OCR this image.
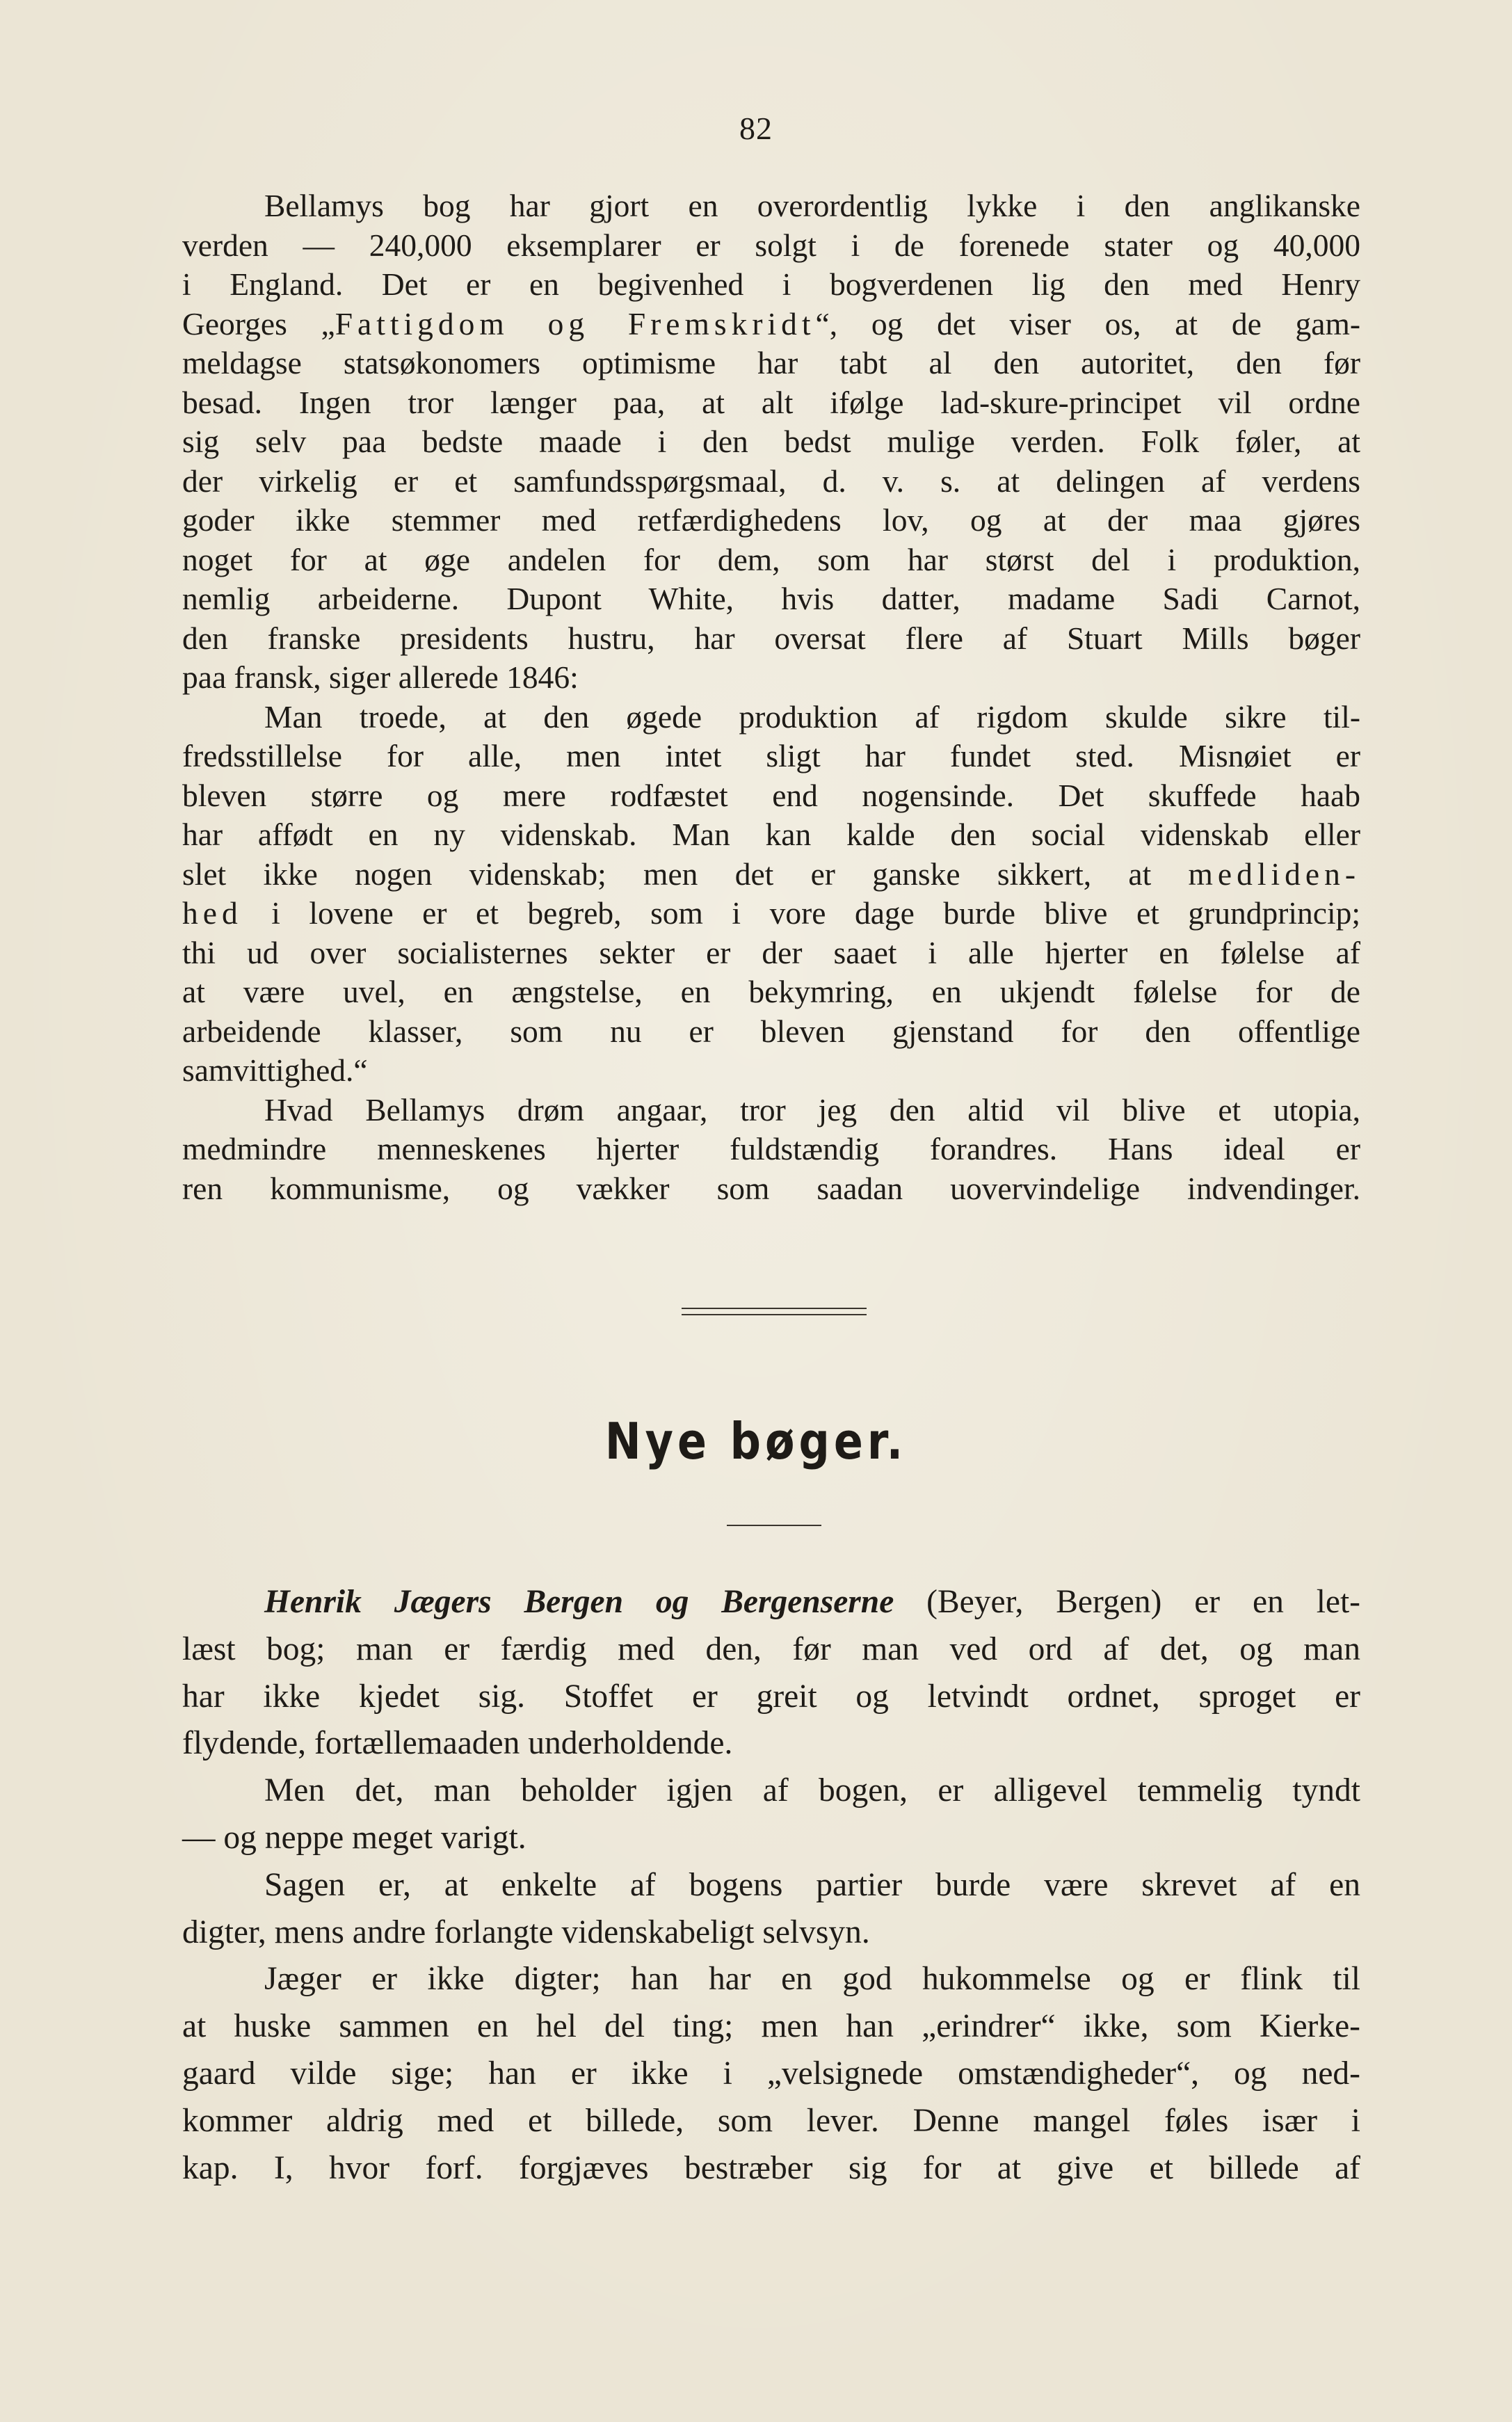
82
Bellamys bog har gjort en overordentlig lykke i den anglikanske
verden — 240,000 eksemplarer er solgt i de forenede stater og 40,000
i England. Det er en begivenhed i bogverdenen lig den med Henry
Georges „Fattigdom og Fremskridt“, og det viser os, at de gam-
meldagse statsøkonomers optimisme har tabt al den autoritet, den før
besad. Ingen tror længer paa, at alt ifølge lad-skure-principet vil ordne
sig selv paa bedste maade i den bedst mulige verden. Folk føler, at
der virkelig er et samfundsspørgsmaal, d. v. s. at delingen af verdens
goder ikke stemmer med retfærdighedens lov, og at der maa gjøres
noget for at øge andelen for dem, som har størst del i produktion,
nemlig arbeiderne. Dupont White, hvis datter, madame Sadi Carnot,
den franske presidents hustru, har oversat flere af Stuart Mills bøger
paa fransk, siger allerede 1846:
Man troede, at den øgede produktion af rigdom skulde sikre til-
fredsstillelse for alle, men intet sligt har fundet sted. Misnøiet er
bleven større og mere rodfæstet end nogensinde. Det skuffede haab
har affødt en ny videnskab. Man kan kalde den social videnskab eller
slet ikke nogen videnskab; men det er ganske sikkert, at medliden-
hed i lovene er et begreb, som i vore dage burde blive et grundprincip;
thi ud over socialisternes sekter er der saaet i alle hjerter en følelse af
at være uvel, en ængstelse, en bekymring, en ukjendt følelse for de
arbeidende klasser, som nu er bleven gjenstand for den offentlige
samvittighed.“
Hvad Bellamys drøm angaar, tror jeg den altid vil blive et utopia,
medmindre menneskenes hjerter fuldstændig forandres. Hans ideal er
ren kommunisme, og vækker som saadan uovervindelige indvendinger.
Nye bøger.
Henrik Jægers Bergen og Bergenserne (Beyer, Bergen) er en let-
læst bog; man er færdig med den, før man ved ord af det, og man
har ikke kjedet sig. Stoffet er greit og letvindt ordnet, sproget er
flydende, fortællemaaden underholdende.
Men det, man beholder igjen af bogen, er alligevel temmelig tyndt
— og neppe meget varigt.
Sagen er, at enkelte af bogens partier burde være skrevet af en
digter, mens andre forlangte videnskabeligt selvsyn.
Jæger er ikke digter; han har en god hukommelse og er flink til
at huske sammen en hel del ting; men han „erindrer“ ikke, som Kierke-
gaard vilde sige; han er ikke i „velsignede omstændigheder“, og ned-
kommer aldrig med et billede, som lever. Denne mangel føles især i
kap. I, hvor forf. forgjæves bestræber sig for at give et billede af
